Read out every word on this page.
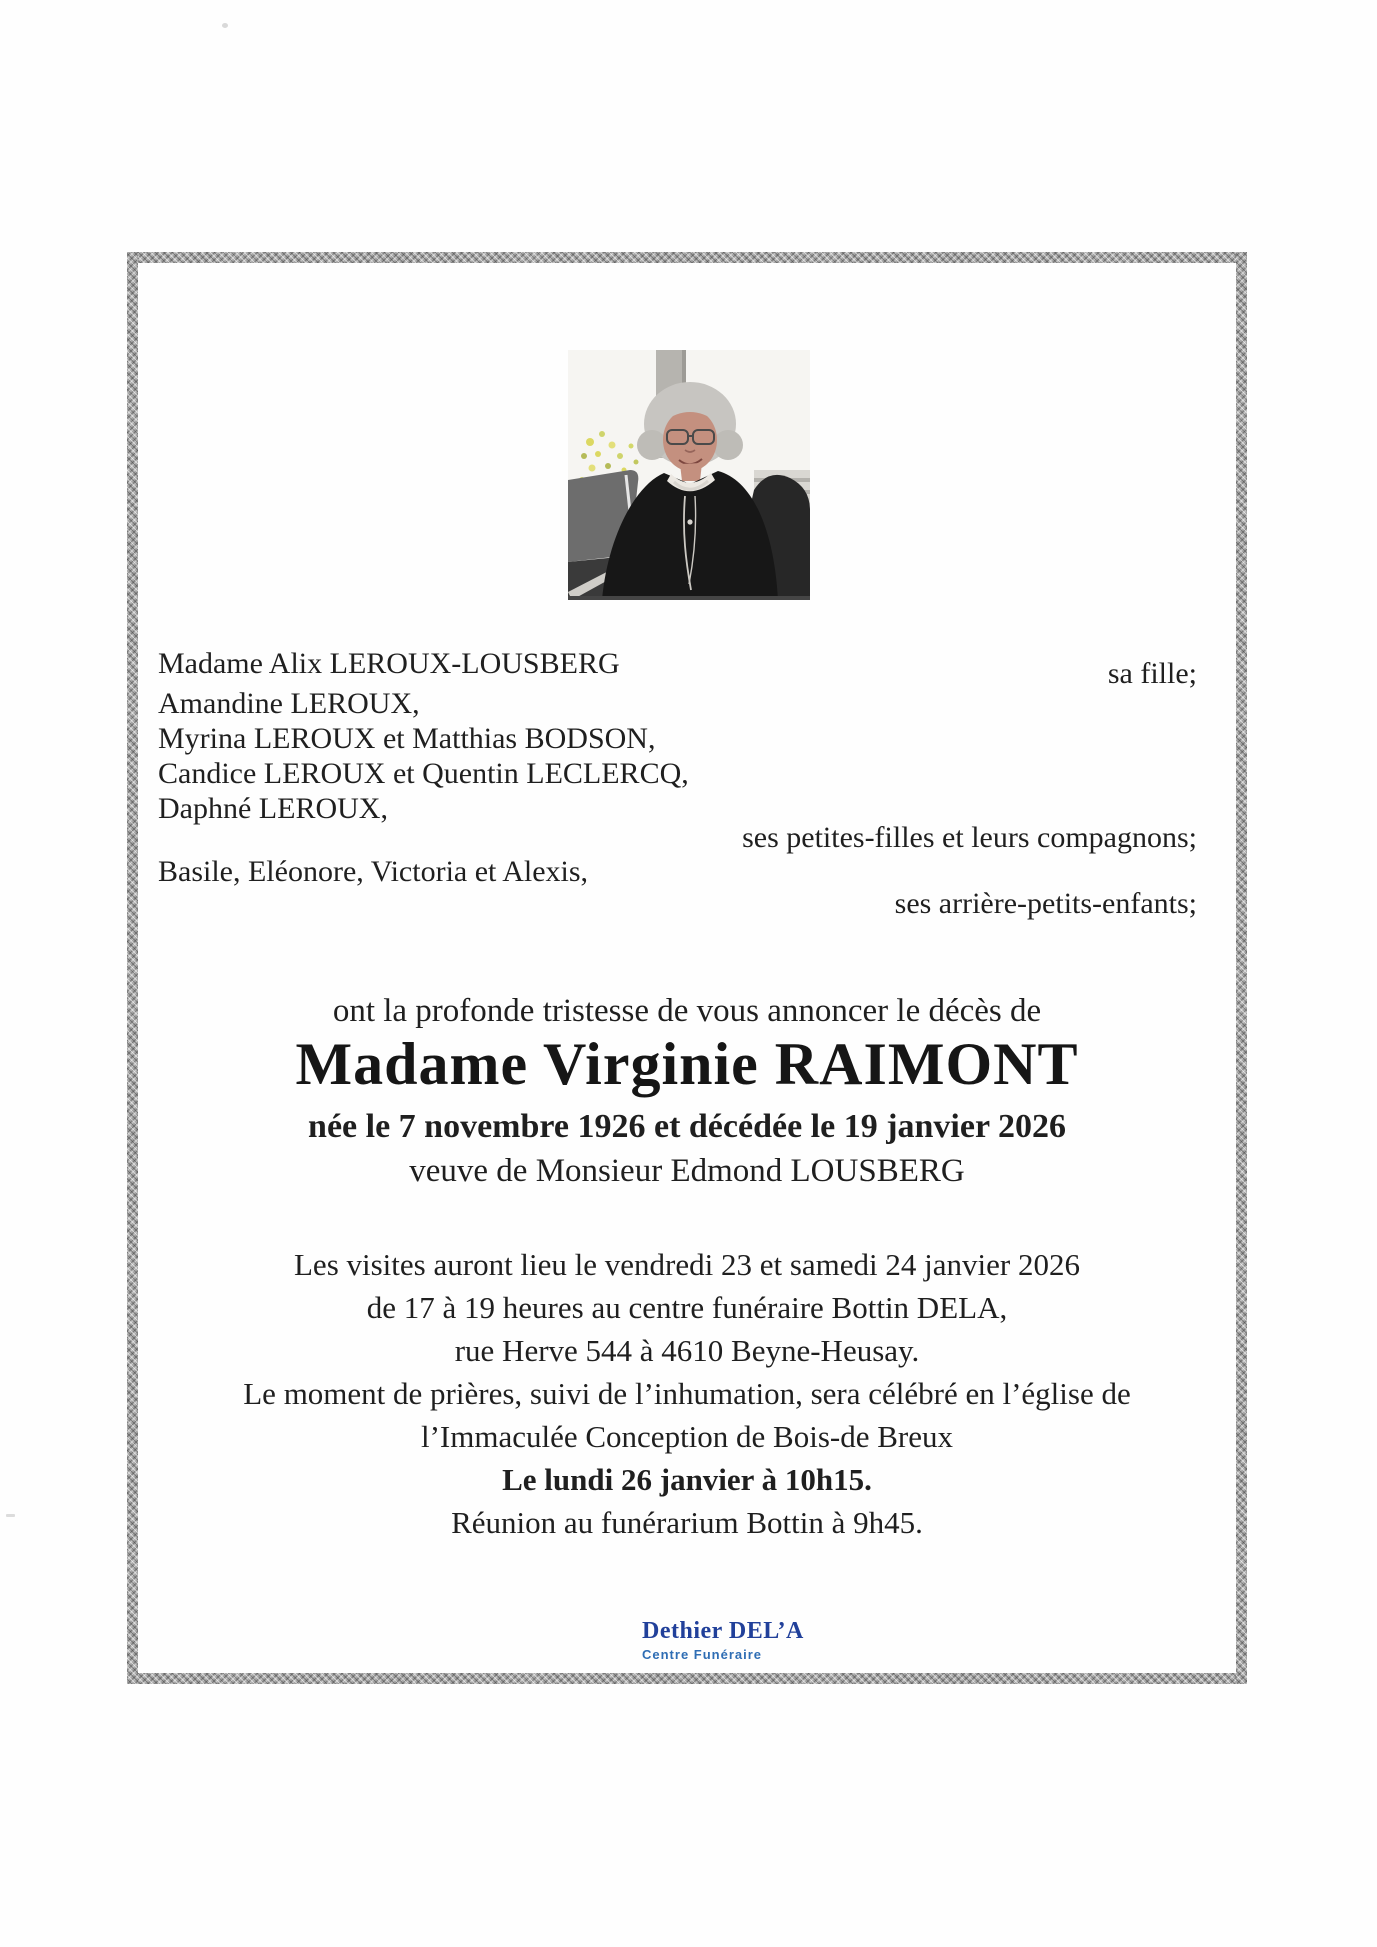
Madame Alix LEROUX-LOUSBERG	sa fille;
Amandine LEROUX,
Myrina LEROUX et Matthias BODSON,
Candice LEROUX et Quentin LECLERCQ,
Daphné LEROUX,
ses petites-filles et leurs compagnons;
Basile, Eléonore, Victoria et Alexis,
ses arrière-petits-enfants;
ont la profonde tristesse de vous annoncer le décès de
Madame Virginie RAIMONT
née le 7 novembre 1926 et décédée le 19 janvier 2026
veuve de Monsieur Edmond LOUSBERG
Les visites auront lieu le vendredi 23 et samedi 24 janvier 2026
de 17 à 19 heures au centre funéraire Bottin DELA,
rue Herve 544 à 4610 Beyne-Heusay.
Le moment de prières, suivi de l’inhumation, sera célébré en l’église de
l’Immaculée Conception de Bois-de Breux
Le lundi 26 janvier à 10h15.
Réunion au funérarium Bottin à 9h45.
Dethier DEL’A
Centre Funéraire
